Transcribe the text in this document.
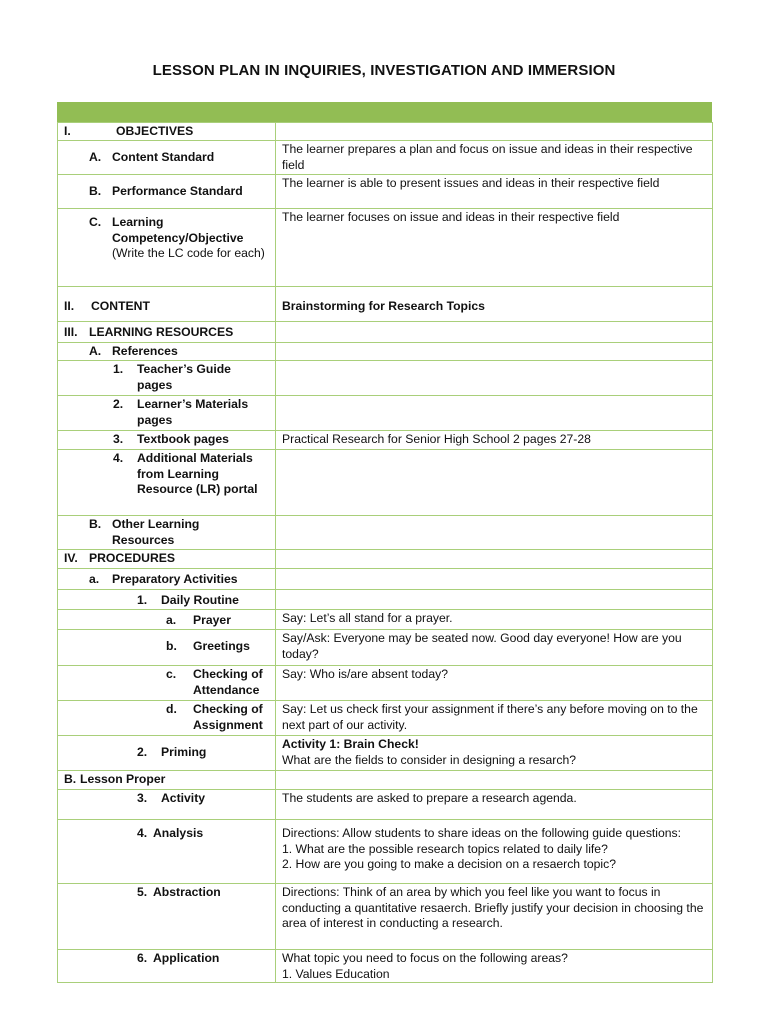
LESSON PLAN IN INQUIRIES, INVESTIGATION AND IMMERSION
I. OBJECTIVES	

A. Content Standard	The learner prepares a plan and focus on issue and ideas in their respective field

B. Performance Standard	The learner is able to present issues and ideas in their respective field

C. Learning Competency/Objective
(Write the LC code for each)	The learner focuses on issue and ideas in their respective field

II. CONTENT	Brainstorming for Research Topics

III. LEARNING RESOURCES	

A. References	

1. Teacher’s Guide pages	

2. Learner’s Materials pages	

3. Textbook pages	Practical Research for Senior High School 2 pages 27-28

4. Additional Materials from Learning Resource (LR) portal	

B. Other Learning Resources	

IV. PROCEDURES	

a. Preparatory Activities	

1. Daily Routine	

a. Prayer	Say: Let’s all stand for a prayer.

b. Greetings	Say/Ask: Everyone may be seated now. Good day everyone! How are you today?

c. Checking of Attendance	Say: Who is/are absent today?

d. Checking of Assignment	Say: Let us check first your assignment if there’s any before moving on to the next part of our activity.

2. Priming	Activity 1: Brain Check!
What are the fields to consider in designing a resarch?

B. Lesson Proper	

3. Activity	The students are asked to prepare a research agenda.

4. Analysis	Directions: Allow students to share ideas on the following guide questions:
1. What are the possible research topics related to daily life?
2. How are you going to make a decision on a resaerch topic?

5. Abstraction	Directions: Think of an area by which you feel like you want to focus in conducting a quantitative resaerch. Briefly justify your decision in choosing the area of interest in conducting a research.

6. Application	What topic you need to focus on the following areas?
1. Values Education
